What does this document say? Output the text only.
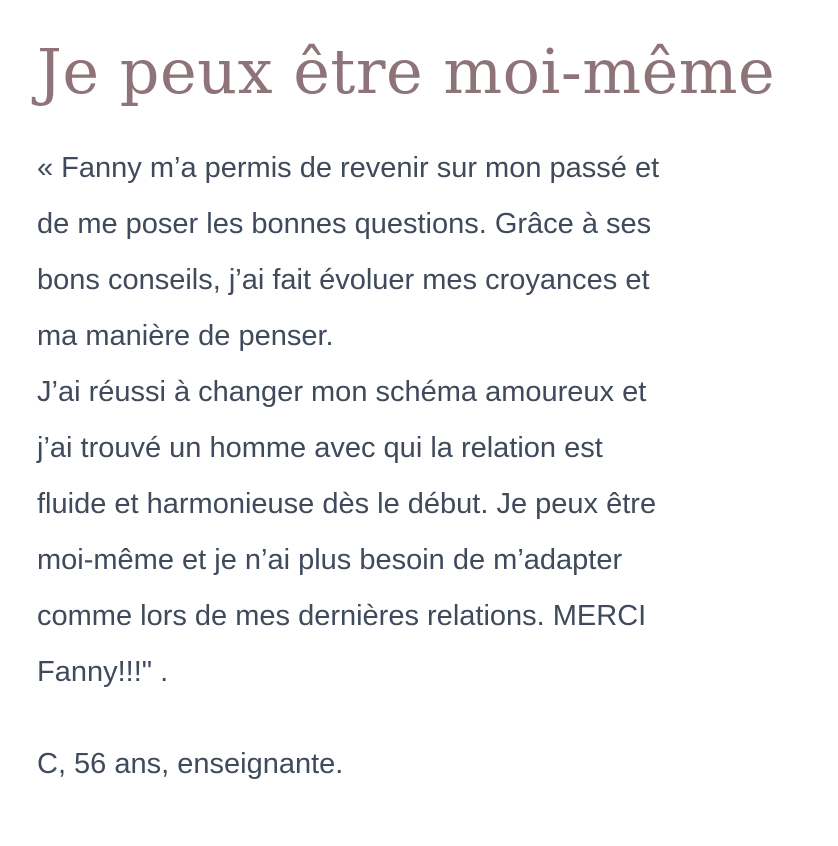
Je peux être moi-même
« Fanny m’a permis de revenir sur mon passé et
de me poser les bonnes questions. Grâce à ses
bons conseils, j’ai fait évoluer mes croyances et
ma manière de penser.
J’ai réussi à changer mon schéma amoureux et
j’ai trouvé un homme avec qui la relation est
fluide et harmonieuse dès le début. Je peux être
moi-même et je n’ai plus besoin de m’adapter
comme lors de mes dernières relations. MERCI
Fanny!!!" .

C, 56 ans, enseignante.
